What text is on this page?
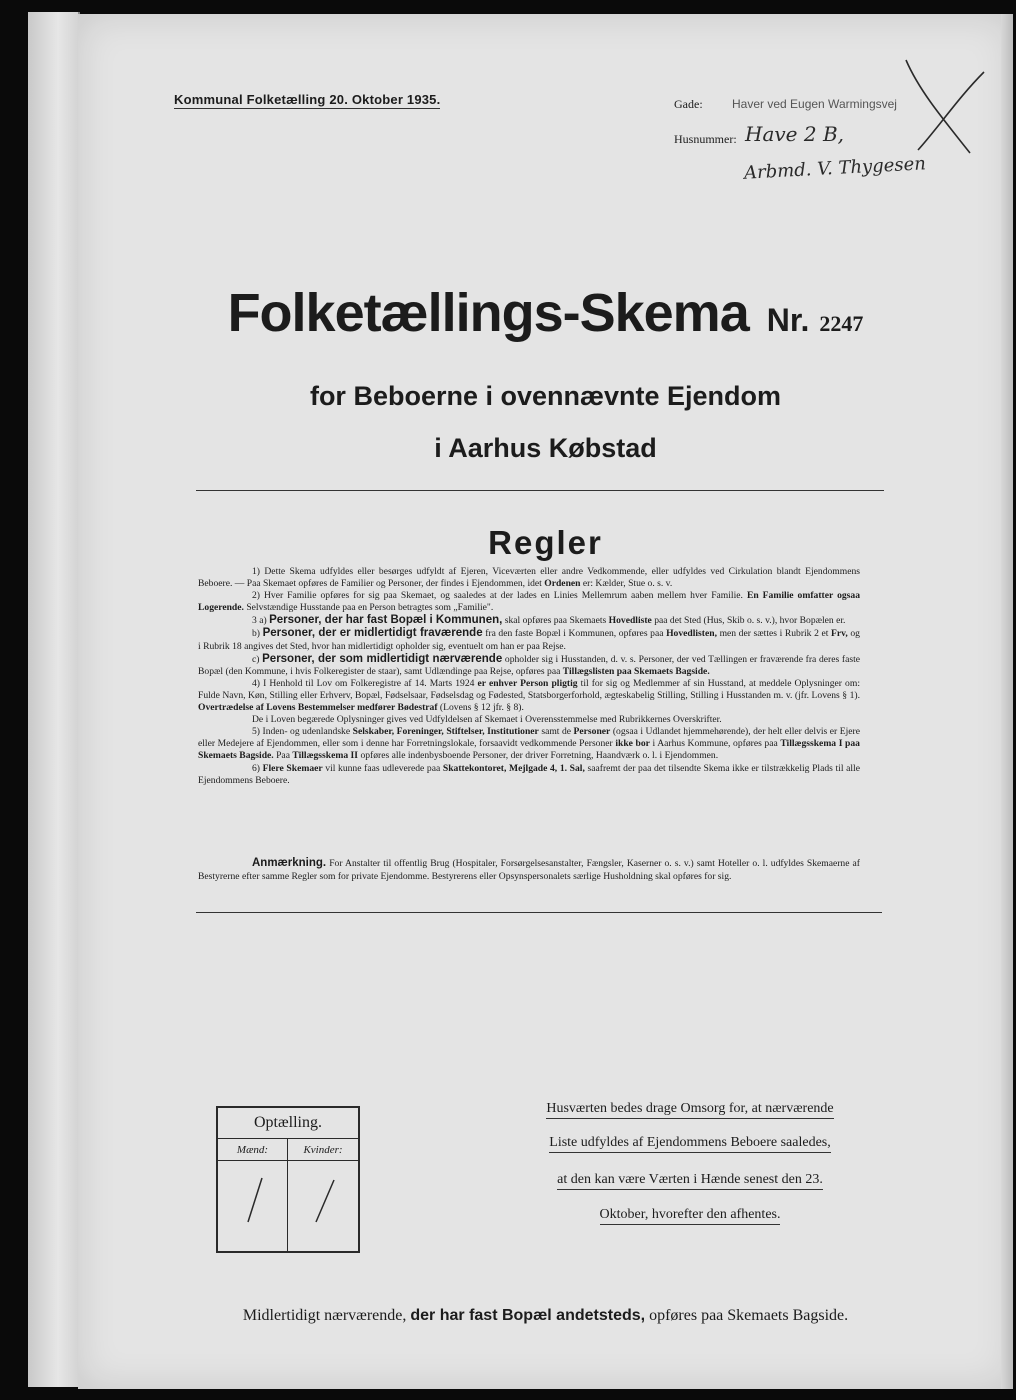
Kommunal Folketælling 20. Oktober 1935.	Gade: Haver ved Eugen Warmingsvej
Husnummer: Have 2 B,
Arbmd. V. Thygesen
Folketællings-Skema Nr. 2247
for Beboerne i ovennævnte Ejendom
i Aarhus Købstad
Regler

1) Dette Skema udfyldes eller besørges udfyldt af Ejeren, Viceværten eller andre Vedkommende, eller udfyldes ved Cirkulation blandt Ejendommens Beboere. — Paa Skemaet opføres de Familier og Personer, der findes i Ejendommen, idet Ordenen er: Kælder, Stue o. s. v.

2) Hver Familie opføres for sig paa Skemaet, og saaledes at der lades en Linies Mellemrum aaben mellem hver Familie. En Familie omfatter ogsaa Logerende. Selvstændige Husstande paa en Person betragtes som „Familie".

3 a) Personer, der har fast Bopæl i Kommunen, skal opføres paa Skemaets Hovedliste paa det Sted (Hus, Skib o. s. v.), hvor Bopælen er.

b) Personer, der er midlertidigt fraværende fra den faste Bopæl i Kommunen, opføres paa Hovedlisten, men der sættes i Rubrik 2 et Frv, og i Rubrik 18 angives det Sted, hvor han midlertidigt opholder sig, eventuelt om han er paa Rejse.

c) Personer, der som midlertidigt nærværende opholder sig i Husstanden, d. v. s. Personer, der ved Tællingen er fraværende fra deres faste Bopæl (den Kommune, i hvis Folkeregister de staar), samt Udlændinge paa Rejse, opføres paa Tillægslisten paa Skemaets Bagside.

4) I Henhold til Lov om Folkeregistre af 14. Marts 1924 er enhver Person pligtig til for sig og Medlemmer af sin Husstand, at meddele Oplysninger om: Fulde Navn, Køn, Stilling eller Erhverv, Bopæl, Fødselsaar, Fødselsdag og Fødested, Statsborgerforhold, ægteskabelig Stilling, Stilling i Husstanden m. v. (jfr. Lovens § 1). Overtrædelse af Lovens Bestemmelser medfører Bødestraf (Lovens § 12 jfr. § 8).

De i Loven begærede Oplysninger gives ved Udfyldelsen af Skemaet i Overensstemmelse med Rubrikkernes Overskrifter.

5) Inden- og udenlandske Selskaber, Foreninger, Stiftelser, Institutioner samt de Personer (ogsaa i Udlandet hjemmehørende), der helt eller delvis er Ejere eller Medejere af Ejendommen, eller som i denne har Forretningslokale, forsaavidt vedkommende Personer ikke bor i Aarhus Kommune, opføres paa Tillægsskema I paa Skemaets Bagside. Paa Tillægsskema II opføres alle indenbysboende Personer, der driver Forretning, Haandværk o. l. i Ejendommen.

6) Flere Skemaer vil kunne faas udleverede paa Skattekontoret, Mejlgade 4, 1. Sal, saafremt der paa det tilsendte Skema ikke er tilstrækkelig Plads til alle Ejendommens Beboere.

Anmærkning. For Anstalter til offentlig Brug (Hospitaler, Forsørgelsesanstalter, Fængsler, Kaserner o. s. v.) samt Hoteller o. l. udfyldes Skemaerne af Bestyrerne efter samme Regler som for private Ejendomme. Bestyrerens eller Opsynspersonalets særlige Husholdning skal opføres for sig.

Optælling.
Mænd:	Kvinder:
Husværten bedes drage Omsorg for, at nærværende
Liste udfyldes af Ejendommens Beboere saaledes,
at den kan være Værten i Hænde senest den 23.
Oktober, hvorefter den afhentes.
Midlertidigt nærværende, der har fast Bopæl andetsteds, opføres paa Skemaets Bagside.
